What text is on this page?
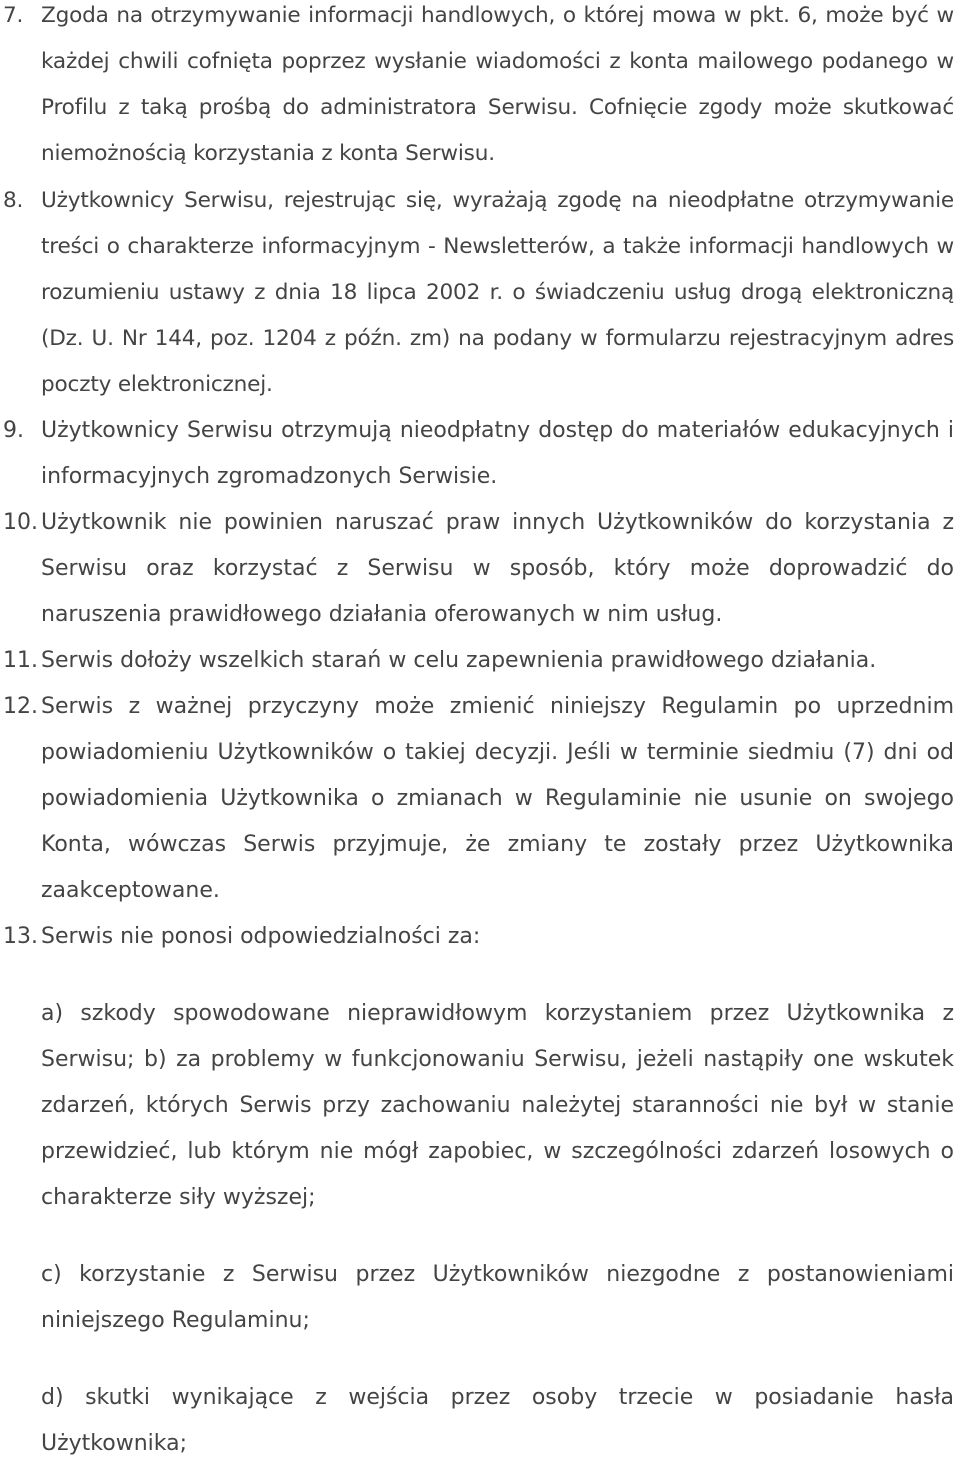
7. Zgoda na otrzymywanie informacji handlowych, o której mowa w pkt. 6, może być w każdej chwili cofnięta poprzez wysłanie wiadomości z konta mailowego podanego w Profilu z taką prośbą do administratora Serwisu. Cofnięcie zgody może skutkować niemożnością korzystania z konta Serwisu.
8. Użytkownicy Serwisu, rejestrując się, wyrażają zgodę na nieodpłatne otrzymywanie treści o charakterze informacyjnym - Newsletterów, a także informacji handlowych w rozumieniu ustawy z dnia 18 lipca 2002 r. o świadczeniu usług drogą elektroniczną (Dz. U. Nr 144, poz. 1204 z późn. zm) na podany w formularzu rejestracyjnym adres poczty elektronicznej.
9. Użytkownicy Serwisu otrzymują nieodpłatny dostęp do materiałów edukacyjnych i informacyjnych zgromadzonych Serwisie.
10. Użytkownik nie powinien naruszać praw innych Użytkowników do korzystania z Serwisu oraz korzystać z Serwisu w sposób, który może doprowadzić do naruszenia prawidłowego działania oferowanych w nim usług.
11. Serwis dołoży wszelkich starań w celu zapewnienia prawidłowego działania.
12. Serwis z ważnej przyczyny może zmienić niniejszy Regulamin po uprzednim powiadomieniu Użytkowników o takiej decyzji. Jeśli w terminie siedmiu (7) dni od powiadomienia Użytkownika o zmianach w Regulaminie nie usunie on swojego Konta, wówczas Serwis przyjmuje, że zmiany te zostały przez Użytkownika zaakceptowane.
13. Serwis nie ponosi odpowiedzialności za:
a) szkody spowodowane nieprawidłowym korzystaniem przez Użytkownika z Serwisu; b) za problemy w funkcjonowaniu Serwisu, jeżeli nastąpiły one wskutek zdarzeń, których Serwis przy zachowaniu należytej staranności nie był w stanie przewidzieć, lub którym nie mógł zapobiec, w szczególności zdarzeń losowych o charakterze siły wyższej;
c) korzystanie z Serwisu przez Użytkowników niezgodne z postanowieniami niniejszego Regulaminu;
d) skutki wynikające z wejścia przez osoby trzecie w posiadanie hasła Użytkownika;
